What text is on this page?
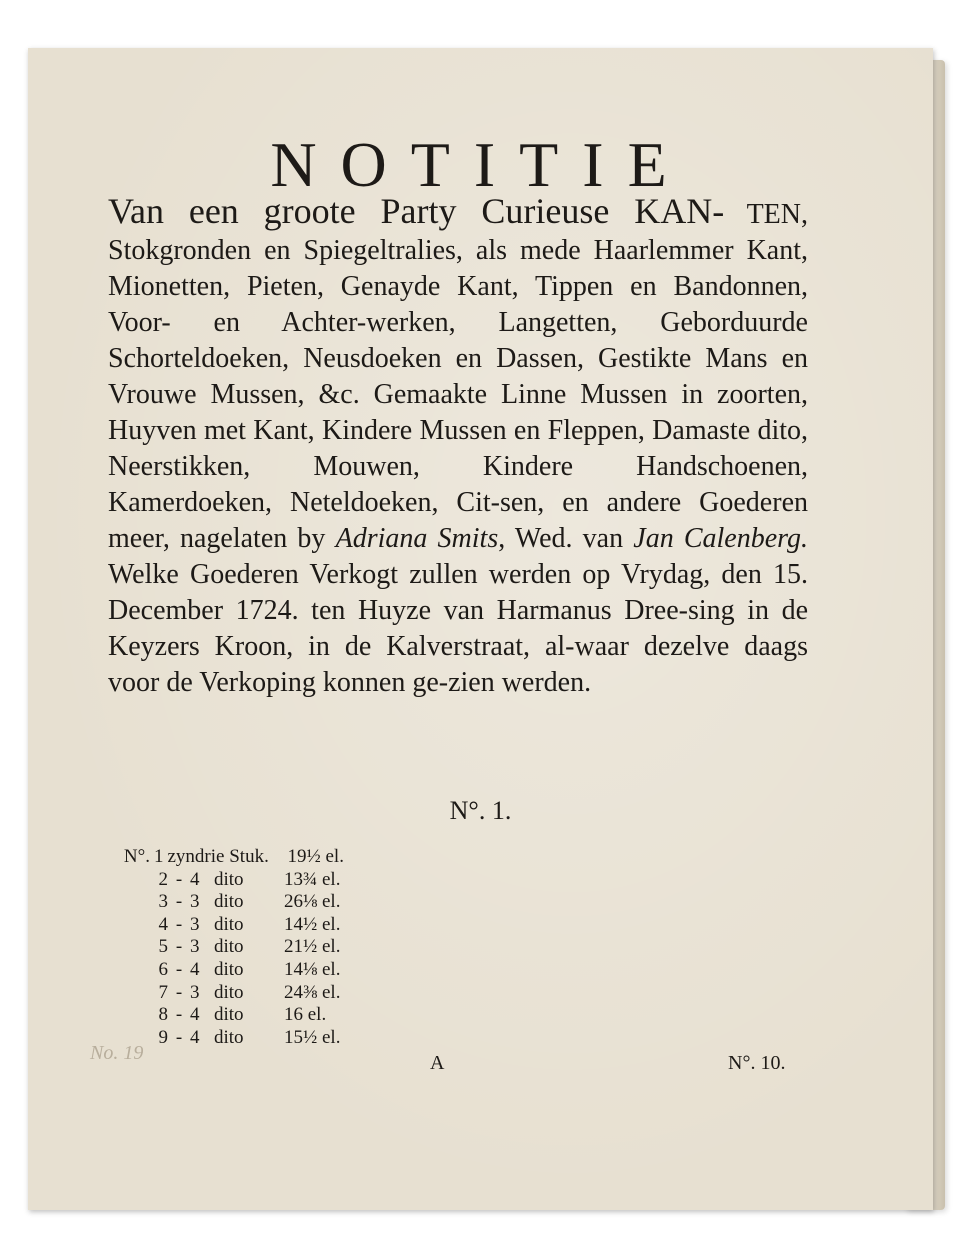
NOTITIE
Van een groote Party Curieuse KAN- TEN, Stokgronden en Spiegeltralies, als mede Haarlemmer Kant, Mionetten, Pieten, Genayde Kant, Tippen en Bandonnen, Voor- en Achter-werken, Langetten, Geborduurde Schorteldoeken, Neusdoeken en Dassen, Gestikte Mans en Vrouwe Mussen, &c. Gemaakte Linne Mussen in zoorten, Huyven met Kant, Kindere Mussen en Fleppen, Damaste dito, Neerstikken, Mouwen, Kindere Handschoenen, Kamerdoeken, Neteldoeken, Cit-sen, en andere Goederen meer, nagelaten by Adriana Smits, Wed. van Jan Calenberg. Welke Goederen Verkogt zullen werden op Vrydag, den 15. December 1724. ten Huyze van Harmanus Dree-sing in de Keyzers Kroon, in de Kalverstraat, al-waar dezelve daags voor de Verkoping konnen ge-zien werden.
N°. 1.
N°. 1 zyndrie Stuk. 19½ el.
2 - 4 dito	13¾ el.
3 - 3 dito	26⅛ el.
4 - 3 dito	14½ el.
5 - 3 dito	21½ el.
6 - 4 dito	14⅛ el.
7 - 3 dito	24⅜ el.
8 - 4 dito	16 el.
9 - 4 dito	15½ el.
No. 19	A	N°. 10.
